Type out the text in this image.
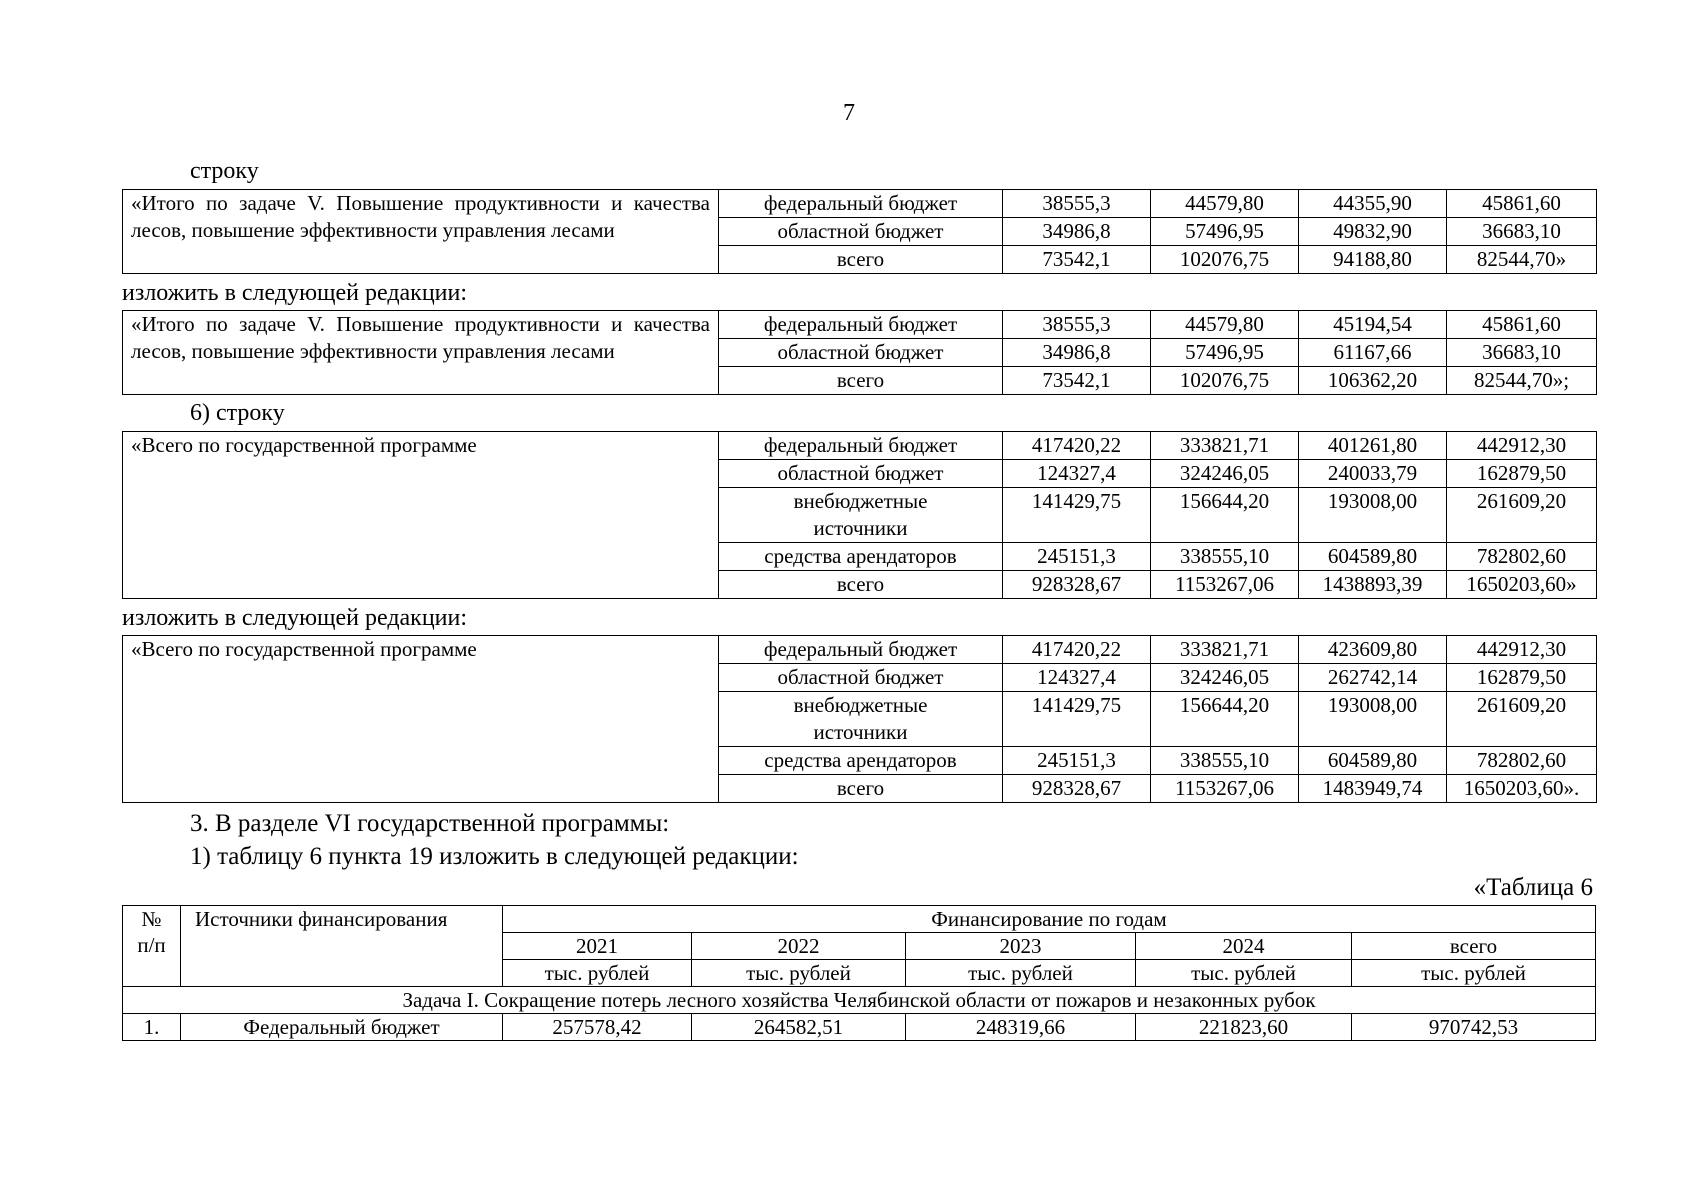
7
строку
«Итого по задаче V. Повышение продуктивности и качества лесов, повышение эффективности управления лесами	федеральный бюджет	38555,3	44579,80	44355,90	45861,60
	областной бюджет	34986,8	57496,95	49832,90	36683,10
	всего	73542,1	102076,75	94188,80	82544,70»
изложить в следующей редакции:
«Итого по задаче V. Повышение продуктивности и качества лесов, повышение эффективности управления лесами	федеральный бюджет	38555,3	44579,80	45194,54	45861,60
	областной бюджет	34986,8	57496,95	61167,66	36683,10
	всего	73542,1	102076,75	106362,20	82544,70»;
6) строку
«Всего по государственной программе	федеральный бюджет	417420,22	333821,71	401261,80	442912,30
	областной бюджет	124327,4	324246,05	240033,79	162879,50
	внебюджетные источники	141429,75	156644,20	193008,00	261609,20
	средства арендаторов	245151,3	338555,10	604589,80	782802,60
	всего	928328,67	1153267,06	1438893,39	1650203,60»
изложить в следующей редакции:
«Всего по государственной программе	федеральный бюджет	417420,22	333821,71	423609,80	442912,30
	областной бюджет	124327,4	324246,05	262742,14	162879,50
	внебюджетные источники	141429,75	156644,20	193008,00	261609,20
	средства арендаторов	245151,3	338555,10	604589,80	782802,60
	всего	928328,67	1153267,06	1483949,74	1650203,60».
3. В разделе VI государственной программы:
1) таблицу 6 пункта 19 изложить в следующей редакции:
«Таблица 6
№ п/п	Источники финансирования	Финансирование по годам				
		2021	2022	2023	2024	всего
		тыс. рублей	тыс. рублей	тыс. рублей	тыс. рублей	тыс. рублей
Задача I. Сокращение потерь лесного хозяйства Челябинской области от пожаров и незаконных рубок						
1.	Федеральный бюджет	257578,42	264582,51	248319,66	221823,60	970742,53
